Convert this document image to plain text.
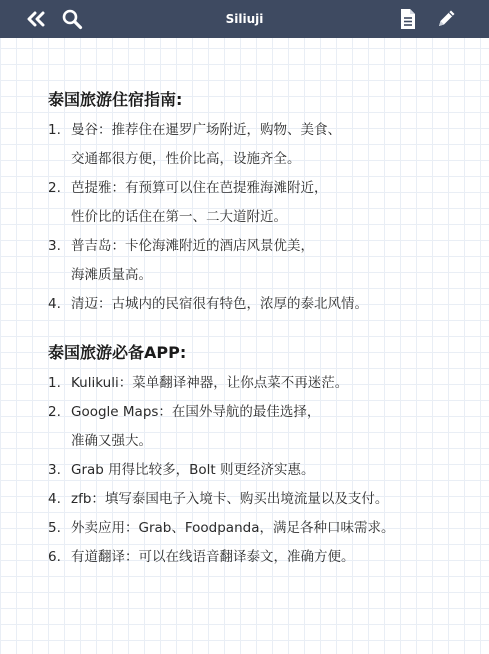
Siliuji
泰国旅游住宿指南:
1. 曼谷：推荐住在暹罗广场附近，购物、美食、
交通都很方便，性价比高，设施齐全。
2. 芭提雅：有预算可以住在芭提雅海滩附近，
性价比的话住在第一、二大道附近。
3. 普吉岛：卡伦海滩附近的酒店风景优美，
海滩质量高。
4. 清迈：古城内的民宿很有特色，浓厚的泰北风情。
泰国旅游必备APP:
1. Kulikuli：菜单翻译神器，让你点菜不再迷茫。
2. Google Maps：在国外导航的最佳选择，
准确又强大。
3. Grab 用得比较多，Bolt 则更经济实惠。
4. zfb：填写泰国电子入境卡、购买出境流量以及支付。
5. 外卖应用：Grab、Foodpanda，满足各种口味需求。
6. 有道翻译：可以在线语音翻译泰文，准确方便。
